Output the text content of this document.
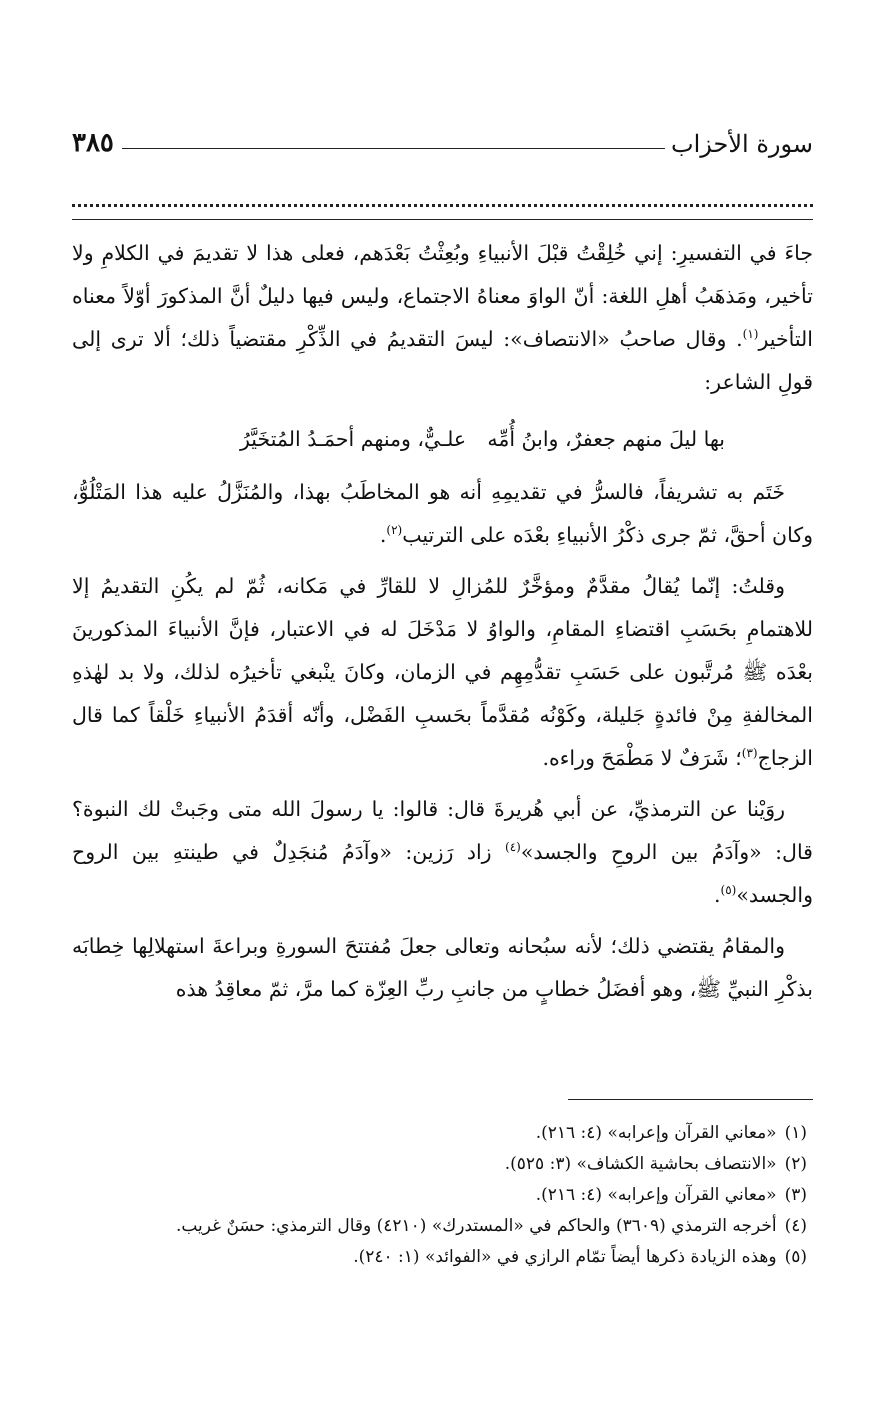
سورة الأحزاب
٣٨٥

جاءَ في التفسيرِ: إني خُلِقْتُ قبْلَ الأنبياءِ وبُعِثْتُ بَعْدَهم، فعلى هذا لا تقديمَ في الكلامِ ولا تأخير، ومَذهَبُ أهلِ اللغة: أنّ الواوَ معناهُ الاجتماع، وليس فيها دليلٌ أنَّ المذكورَ أوّلاً معناه التأخير$^{(١)}$. وقال صاحبُ «الانتصاف»: ليسَ التقديمُ في الذِّكْرِ مقتضياً ذلك؛ ألا ترى إلى قولِ الشاعر:

بها ليلَ منهم جعفرٌ، وابنُ أُمِّه
علـيٌّ، ومنهم أحمَـدُ المُتخَيَّرُ

خَتَم به تشريفاً، فالسرُّ في تقديمِهِ أنه هو المخاطَبُ بهذا، والمُنَزَّلُ عليه هذا المَتْلُوُّ، وكان أحقَّ، ثمّ جرى ذكْرُ الأنبياءِ بعْدَه على الترتيب$^{(٢)}$.

وقلتُ: إنّما يُقالُ مقدَّمٌ ومؤخَّرٌ للمُزالِ لا للقارِّ في مَكانه، ثُمّ لم يكُنِ التقديمُ إلا للاهتمامِ بحَسَبِ اقتضاءِ المقامِ، والواوُ لا مَدْخَلَ له في الاعتبار، فإنَّ الأنبياءَ المذكورينَ بعْدَه ﷺ مُرتَّبون على حَسَبِ تقدُّمِهِم في الزمان، وكانَ ينْبغي تأخيرُه لذلك، ولا بد لهٰذهِ المخالفةِ مِنْ فائدةٍ جَليلة، وكَوْنُه مُقدَّماً بحَسبِ الفَضْل، وأنّه أقدَمُ الأنبياءِ خَلْقاً كما قال الزجاج$^{(٣)}$؛ شَرَفٌ لا مَطْمَحَ وراءه.

روَيْنا عن الترمذيِّ، عن أبي هُريرةَ قال: قالوا: يا رسولَ الله متى وجَبتْ لك النبوة؟ قال: «وآدَمُ بين الروحِ والجسد»$^{(٤)}$ زاد رَزين: «وآدَمُ مُنجَدِلٌ في طينتهِ بين الروح والجسد»$^{(٥)}$.

والمقامُ يقتضي ذلك؛ لأنه سبُحانه وتعالى جعلَ مُفتتحَ السورةِ وبراعةَ استهلالِها خِطابَه بذكْرِ النبيِّ ﷺ، وهو أفضَلُ خطابٍ من جانبِ ربِّ العِزّة كما مرَّ، ثمّ معاقِدُ هذه

(١)«معاني القرآن وإعرابه» (٤: ٢١٦).

(٢)«الانتصاف بحاشية الكشاف» (٣: ٥٢٥).

(٣)«معاني القرآن وإعرابه» (٤: ٢١٦).

(٤)أخرجه الترمذي (٣٦٠٩) والحاكم في «المستدرك» (٤٢١٠) وقال الترمذي: حسَنٌ غريب.

(٥)وهذه الزيادة ذكرها أيضاً تمّام الرازي في «الفوائد» (١: ٢٤٠).
